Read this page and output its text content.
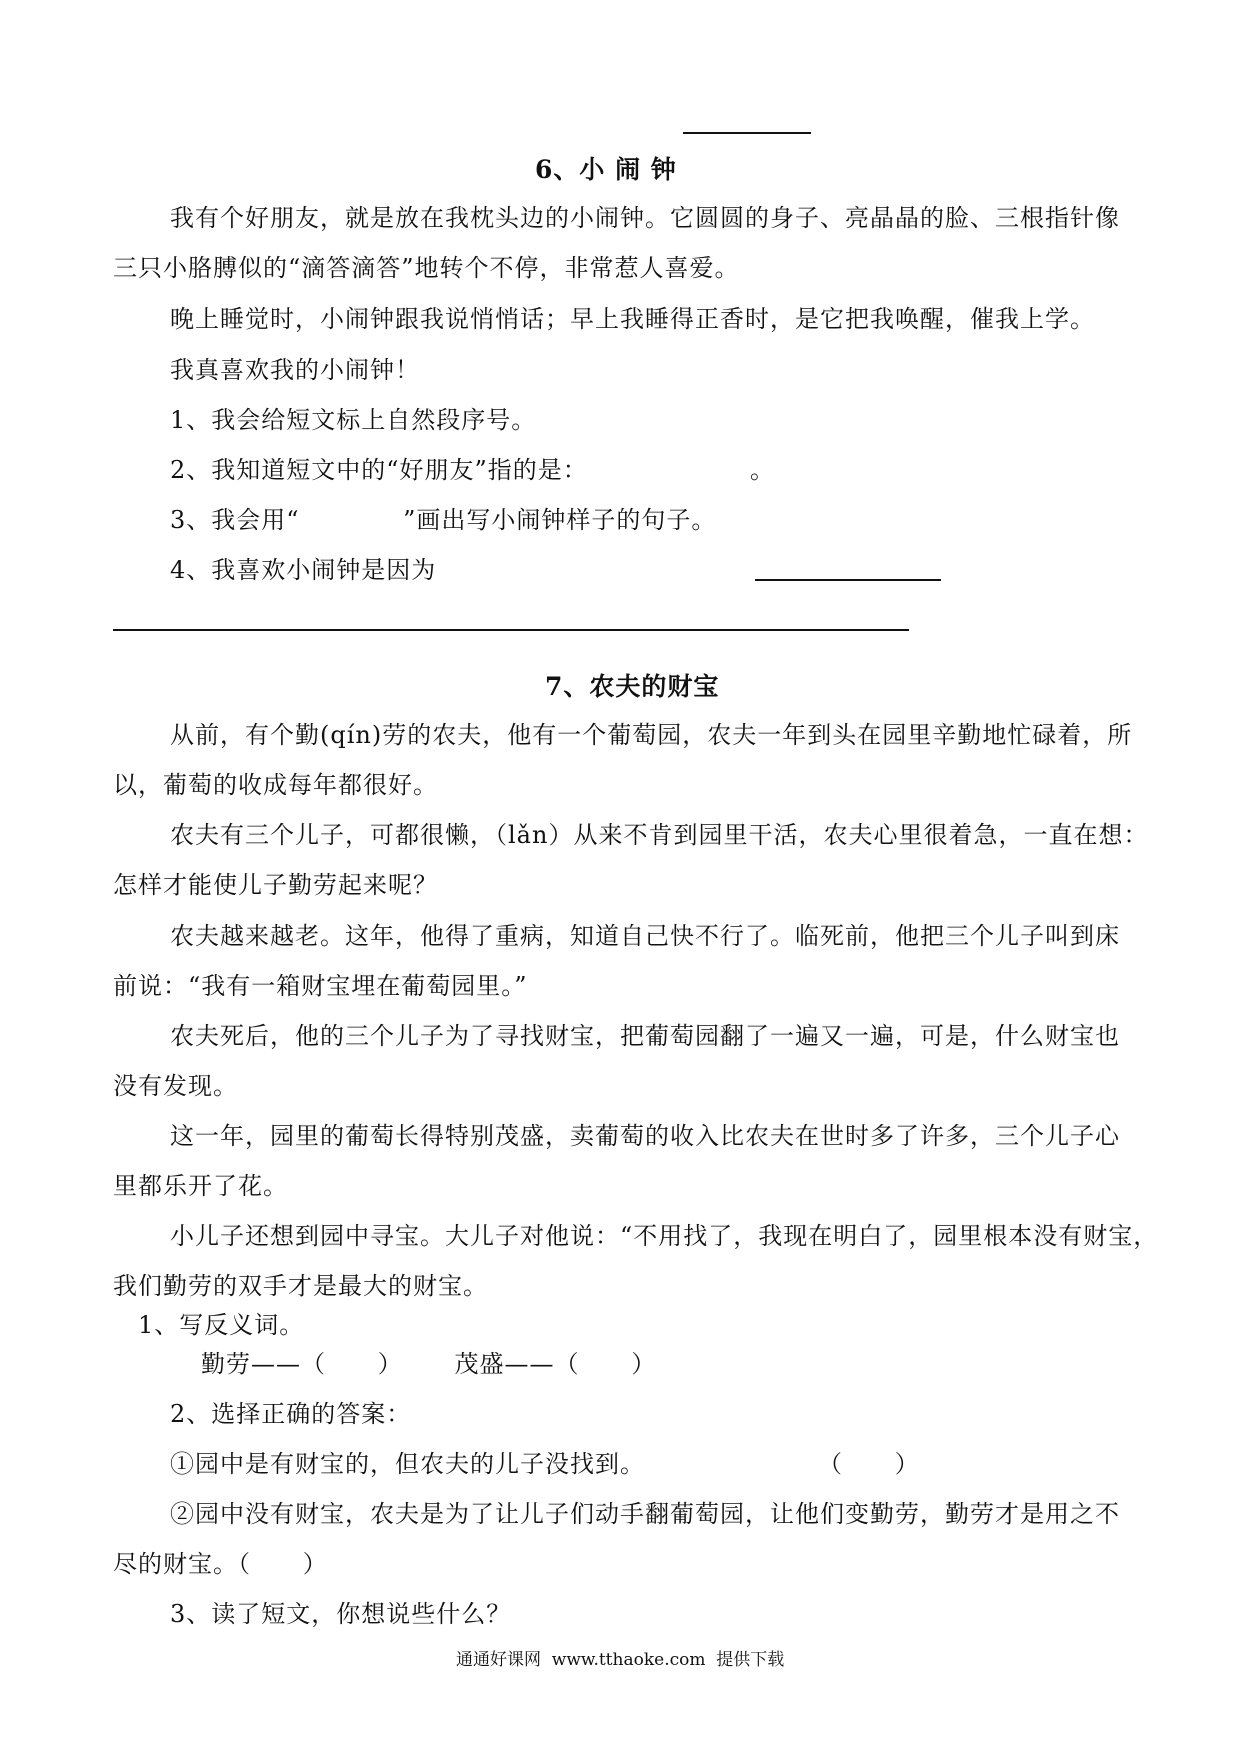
6、小 闹 钟
我有个好朋友，就是放在我枕头边的小闹钟。它圆圆的身子、亮晶晶的脸、三根指针像
三只小胳膊似的“滴答滴答”地转个不停，非常惹人喜爱。
晚上睡觉时，小闹钟跟我说悄悄话；早上我睡得正香时，是它把我唤醒，催我上学。
我真喜欢我的小闹钟！
1、我会给短文标上自然段序号。
2、我知道短文中的“好朋友”指的是：	。
3、我会用“            ”画出写小闹钟样子的句子。
4、我喜欢小闹钟是因为
7、农夫的财宝
从前，有个勤(qín)劳的农夫，他有一个葡萄园，农夫一年到头在园里辛勤地忙碌着，所
以，葡萄的收成每年都很好。
农夫有三个儿子，可都很懒，（lǎn）从来不肯到园里干活，农夫心里很着急，一直在想：
怎样才能使儿子勤劳起来呢？
农夫越来越老。这年，他得了重病，知道自己快不行了。临死前，他把三个儿子叫到床
前说：“我有一箱财宝埋在葡萄园里。”
农夫死后，他的三个儿子为了寻找财宝，把葡萄园翻了一遍又一遍，可是，什么财宝也
没有发现。
这一年，园里的葡萄长得特别茂盛，卖葡萄的收入比农夫在世时多了许多，三个儿子心
里都乐开了花。
小儿子还想到园中寻宝。大儿子对他说：“不用找了，我现在明白了，园里根本没有财宝，
我们勤劳的双手才是最大的财宝。
1、写反义词。
勤劳——（      ）      茂盛——（      ）
2、选择正确的答案：
①园中是有财宝的，但农夫的儿子没找到。	（      ）
②园中没有财宝，农夫是为了让儿子们动手翻葡萄园，让他们变勤劳，勤劳才是用之不
尽的财宝。（      ）
3、读了短文，你想说些什么？
通通好课网  www.tthaoke.com  提供下载
